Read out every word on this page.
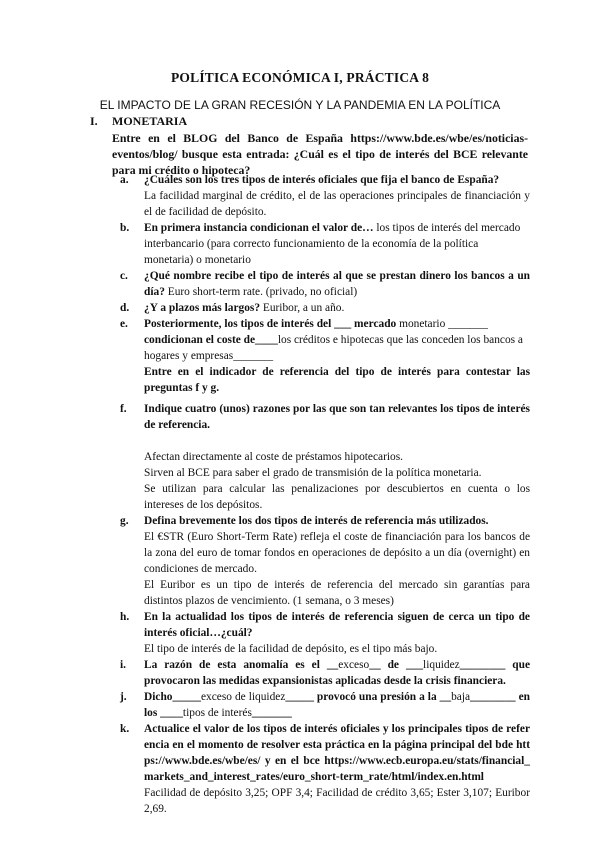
POLÍTICA ECONÓMICA I, PRÁCTICA 8
EL IMPACTO DE LA GRAN RECESIÓN Y LA PANDEMIA EN LA POLÍTICA
I. MONETARIA

Entre en el BLOG del Banco de España https://www.bde.es/wbe/es/noticias-eventos/blog/ busque esta entrada: ¿Cuál es el tipo de interés del BCE relevante para mi crédito o hipoteca?

a. ¿Cuáles son los tres tipos de interés oficiales que fija el banco de España?

La facilidad marginal de crédito, el de las operaciones principales de financiación y el de facilidad de depósito.

b. En primera instancia condicionan el valor de… los tipos de interés del mercado interbancario (para correcto funcionamiento de la economía de la política monetaria) o monetario

c. ¿Qué nombre recibe el tipo de interés al que se prestan dinero los bancos a un día? Euro short-term rate. (privado, no oficial)

d. ¿Y a plazos más largos? Euribor, a un año.

e. Posteriormente, los tipos de interés del ___ mercado monetario _______ condicionan el coste de____los créditos e hipotecas que las conceden los bancos a hogares y empresas_______

Entre en el indicador de referencia del tipo de interés para contestar las preguntas f y g.

f. Indique cuatro (unos) razones por las que son tan relevantes los tipos de interés de referencia.

Afectan directamente al coste de préstamos hipotecarios.

Sirven al BCE para saber el grado de transmisión de la política monetaria.

Se utilizan para calcular las penalizaciones por descubiertos en cuenta o los intereses de los depósitos.

g. Defina brevemente los dos tipos de interés de referencia más utilizados.

El €STR (Euro Short-Term Rate) refleja el coste de financiación para los bancos de la zona del euro de tomar fondos en operaciones de depósito a un día (overnight) en condiciones de mercado.

El Euribor es un tipo de interés de referencia del mercado sin garantías para distintos plazos de vencimiento. (1 semana, o 3 meses)

h. En la actualidad los tipos de interés de referencia siguen de cerca un tipo de interés oficial…¿cuál?

El tipo de interés de la facilidad de depósito, es el tipo más bajo.

i. La razón de esta anomalía es el __exceso__ de ___liquidez________ que provocaron las medidas expansionistas aplicadas desde la crisis financiera.

j. Dicho_____exceso de liquidez_____ provocó una presión a la __baja________ en los ____tipos de interés_______

k. Actualice el valor de los tipos de interés oficiales y los principales tipos de referencia en el momento de resolver esta práctica en la página principal del bde https://www.bde.es/wbe/es/ y en el bce https://www.ecb.europa.eu/stats/financial_markets_and_interest_rates/euro_short-term_rate/html/index.en.html

Facilidad de depósito 3,25; OPF 3,4; Facilidad de crédito 3,65; Ester 3,107; Euribor 2,69.
